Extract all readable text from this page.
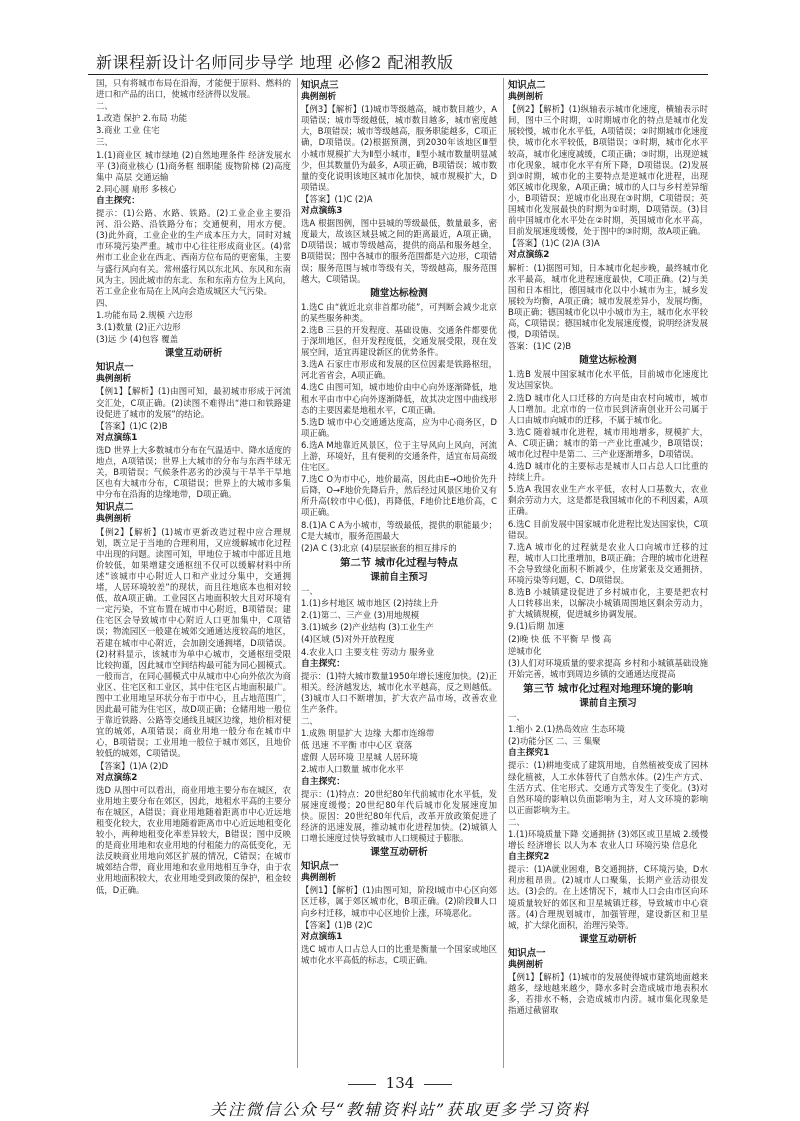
新课程新设计名师同步导学 地理 必修2 配湘教版

国，只有将城市布局在沿海，才能便于原料、燃料的进口和产品的出口，使城市经济得以发展。

二、

1.改造 保护 2.布局 功能

3.商业 工业 住宅

三、

1.(1)商业区 城市绿地 (2)自然地理条件 经济发展水平 (3)商业核心 (1)商务框 细职能 废物阶梯 (2)高度集中 高层 交通运输

2.同心圆 扇形 多核心

自主探究：

提示：(1)公路、水路、铁路。(2)工业企业主要沿河、沿公路、沿铁路分布；交通便利，用水方便。(3)此外商，工业企业的生产成本压力大，同时对城市环境污染严重。城市中心往往形成商业区。(4)常州市工业企业在西北、西南方位布局的更密集，主要与盛行风向有关。常州盛行风以东北风、东风和东南风为主，因此城市的东北、东和东南方位为上风向，若工业企业布局在上风向会造成城区大气污染。

四、

1.功能布局 2.规模 六边形

3.(1)数量 (2)正六边形

(3)远 少 (4)包容 覆盖

课堂互动研析
知识点一
典例剖析

【例1】【解析】(1)由图可知，最初城市形成于河流交汇处，C项正确。(2)读图不难得出“港口和铁路建设促进了城市的发展”的结论。

【答案】(1)C (2)B

对点演练1

选D 世界上大多数城市分布在气温适中、降水适度的地点，A项错误；世界上大城市的分布与东西半球无关，B项错误；气候条件恶劣的沙漠与干旱半干旱地区也有大城市分布，C项错误；世界上的大城市多集中分布在沿海的边缘地带，D项正确。

知识点二
典例剖析

【例2】【解析】(1)城市更新改造过程中应合理规划，既立足于当地的合理利用，又应缓解城市化过程中出现的问题。读图可知，甲地位于城市中部近且地价较低，如果增建交通枢纽不仅可以缓解材料中所述“该城市中心附近人口和产业过分集中，交通拥堵，人居环境较差”的现状，而且往地底本也相对较低，故A项正确。工业园区占地面积较大且对环境有一定污染，不宜布置在城市中心附近，B项错误；建住宅区会导致城市中心附近人口更加集中，C项错误；物流园区一般建在城郊交通通达度较高的地区，若建在城市中心附近，会加剧交通拥堵，D项错误。(2)材料显示，该城市为单中心城市，交通枢纽受限比较拘谨，因此城市空间结构最可能为同心圆模式。一般而言，在同心圆模式中从城市中心向外依次为商业区、住宅区和工业区，其中住宅区占地面积最广。图中工业用地呈环状分布于市中心，且占地范围广，因此最可能为住宅区，故D项正确；仓储用地一般位于靠近铁路、公路等交通线且城区边缘，地价相对便宜的城郊，A项错误；商业用地一般分布在城市中心，B项错误；工业用地一般位于城市郊区，且地价较低的城郊，C项错误。

【答案】(1)A (2)D

对点演练2

选D 从图中可以看出，商业用地主要分布在城区，农业用地主要分布在郊区，因此，地租水平高的主要分布在城区，A错误；商业用地随着距离市中心近远地租变化较大，农业用地随着距离市中心近远地租变化较小，两种地租变化率差异较大，B错误；图中反映的是商业用地和农业用地的付租能力的高低变化，无法反映商业用地向郊区扩展的情况，C错误；在城市城郊结合带，商业用地和农业用地相互争夺，由于农业用地面积较大，农业用地受到政策的保护，租金较低，D正确。

知识点三
典例剖析

【例3】【解析】(1)城市等级越高，城市数目越少，A项错误；城市等级越低，城市数目越多，城市密度越大，B项错误；城市等级越高，服务职能越多，C项正确，D项错误。(2)根据预测，到2030年该地区Ⅲ型小城市规模扩大为Ⅱ型小城市，Ⅱ型小城市数量明显减少，但其数量仍为最多，A项正确，B项错误；城市数量的变化说明该地区城市化加快，城市规模扩大，D项错误。

【答案】(1)C (2)A

对点演练3

选A 根据图例，图中县城的等级最低，数量最多，密度最大，故该区域县城之间的距离最近，A项正确，D项错误；城市等级越高，提供的商品和服务越全，B项错误；图中各城市的服务范围都是六边形，C项错误；服务范围与城市等级有关，等级越高，服务范围越大，C项错误。

随堂达标检测

1.选C 由“就近北京非首都功能”，可判断会减少北京的某些服务种类。

2.选B 三县的开发程度、基础设施、交通条件都要优于深圳地区，但开发程度低，交通发展受限，现在发展空间，适宜再建设新区的优势条件。

3.选A 石家庄市形成和发展的区位因素是铁路枢纽，河北省省会，A项正确。

4.选C 由图可知，城市地价由中心向外逐渐降低，地租水平由市中心向外逐渐降低，故其决定图中曲线形态的主要因素是地租水平，C项正确。

5.选D 城市中心交通通达度高，应为中心商务区，D项正确。

6.选A M地靠近风景区，位于主导风向上风向，河流上游，环境好，且有便利的交通条件，适宜布局高级住宅区。

7.选C O为市中心，地价最高，因此由E→O地价先升后降，O→F地价先降后升，然后经过风景区地价又有所升高(较市中心低)，再降低，F地价比E地价高，C项正确。

8.(1)A C A为小城市，等级最低，提供的职能最少；C是大城市，服务范围最大

(2)A C (3)北京 (4)层层嵌套的相互排斥的

第二节 城市化过程与特点
课前自主预习

一、

1.(1)乡村地区 城市地区 (2)持续上升

2.(1)第二、三产业 (3)用地规模

3.(1)城乡 (2)产业结构 (3)工业生产

(4)区域 (5)对外开放程度

4.农业人口 主要支柱 劳动力 服务业

自主探究：

提示：(1)特大城市数量1950年增长速度加快。(2)正相关。经济越发达，城市化水平越高，反之则越低。(3)城市人口不断增加，扩大农产品市场，改善农业生产条件。

二、

1.成熟 明显扩大 边缘 大都市连绵带

低 迅速 不平衡 市中心区 衰落

虚假 人居环境 卫星城 人居环境

2.城市人口数量 城市化水平

自主探究：

提示：(1)特点：20世纪80年代前城市化水平低，发展速度缓慢；20世纪80年代后城市化发展速度加快。原因：20世纪80年代后，改革开放政策促进了经济的迅速发展，推动城市化进程加快。(2)城镇人口增长速度过快导致城市人口规模过于膨胀。

课堂互动研析
知识点一
典例剖析

【例1】【解析】(1)由图可知，阶段Ⅰ城市中心区向郊区迁移，属于郊区城市化，B项正确。(2)阶段Ⅲ人口向乡村迁移，城市中心区地价上涨，环境恶化。

【答案】(1)B (2)C

对点演练1

选C 城市人口占总人口的比重是衡量一个国家或地区城市化水平高低的标志，C项正确。

知识点二
典例剖析

【例2】【解析】(1)纵轴表示城市化速度，横轴表示时间，图中三个时期，①时期城市化的特点是城市化发展较慢，城市化水平低，A项错误；②时期城市化速度快，城市化水平较低，B项错误；③时期，城市化水平较高，城市化速度减缓，C项正确；③时期，出现逆城市化现象，城市化水平有所下降，D项错误。(2)发展到③时期，城市化的主要特点是逆城市化进程，出现郊区城市化现象，A项正确；城市的人口与乡村差异缩小，B项错误；逆城市化出现在③时期，C项错误；英国城市化发展最快的时期为①时期，D项错误。(3)目前中国城市化水平处在②时期，英国城市化水平高，目前发展速度缓慢，处于图中的③时期，故A项正确。

【答案】(1)C (2)A (3)A

对点演练2

解析：(1)据图可知，日本城市化起步晚，最终城市化水平最高，城市化进程速度最快，C项正确。(2)与美国和日本相比，德国城市化以中小城市为主，城乡发展较为均衡，A项正确；城市发展差异小，发展均衡，B项正确；德国城市化以中小城市为主，城市化水平较高，C项错误；德国城市化发展速度慢，说明经济发展慢，D项错误。

答案：(1)C (2)B

随堂达标检测

1.选B 发展中国家城市化水平低，目前城市化速度比发达国家快。

2.选D 城市化人口迁移的方向是由农村向城市，城市人口增加。北京市的一位市民到济南创业开公司属于人口由城市向城市的迁移，不属于城市化。

3.选C 随着城市化进程，城市用地增多，规模扩大，A、C项正确；城市的第一产业比重减少，B项错误；城市化过程中是第二、三产业逐渐增多，D项错误。

4.选D 城市化的主要标志是城市人口占总人口比重的持续上升。

5.选A 我国农业生产水平低，农村人口基数大，农业剩余劳动力大，这是都是我国城市化的不利因素，A项正确。

6.选C 目前发展中国家城市化进程比发达国家快，C项错误。

7.选A 城市化的过程就是农业人口向城市迁移的过程，城市人口比重增加，B项正确；合理的城市化进程不会导致绿化面积不断减少，住房紧张及交通拥挤，环境污染等问题，C、D项错误。

8.选B 小城镇建设促进了乡村城市化，主要是把农村人口转移出来，以解决小城镇周围地区剩余劳动力，扩大城镇规模，促进城乡协调发展。

9.(1)后期 加速

(2)晚 快 低 不平衡 早 慢 高

逆城市化

(3)人们对环境质量的要求提高 乡村和小城镇基础设施开始完善，城市到周边乡镇的交通通达度提高

第三节 城市化过程对地理环境的影响
课前自主预习

一、

1.缩小 2.(1)热岛效应 生态环境

(2)功能分区 二、三 集聚

自主探究1

提示：(1)耕地变成了建筑用地，自然植被变成了园林绿化植被，人工水体替代了自然水体。(2)生产方式、生活方式、住宅形式、交通方式等发生了变化。(3)对自然环境的影响以负面影响为主，对人文环境的影响以正面影响为主。

二、

1.(1)环境质量下降 交通拥挤 (3)郊区或卫星城 2.缓慢增长 经济增长 以人为本 农业人口 环境污染 信息化

自主探究2

提示：(1)A就业困难，B交通拥挤，C环境污染，D水利房租昂贵。(2)城市人口聚集，长期产业活动很发达。(3)会的。在上述情况下，城市人口会由市区向环境质量较好的郊区和卫星城镇迁移，导致城市中心衰落。(4)合理规划城市，加强管理，建设新区和卫星城，扩大绿化面积，治理污染等。

课堂互动研析
知识点一
典例剖析

【例1】【解析】(1)城市的发展使得城市建筑地面越来越多，绿地越来越少，降水多时会造成城市地表积水多，若排水不畅，会造成城市内涝。城市集化现象是指通过截留取

134
关注微信公众号“教辅资料站”获取更多学习资料
